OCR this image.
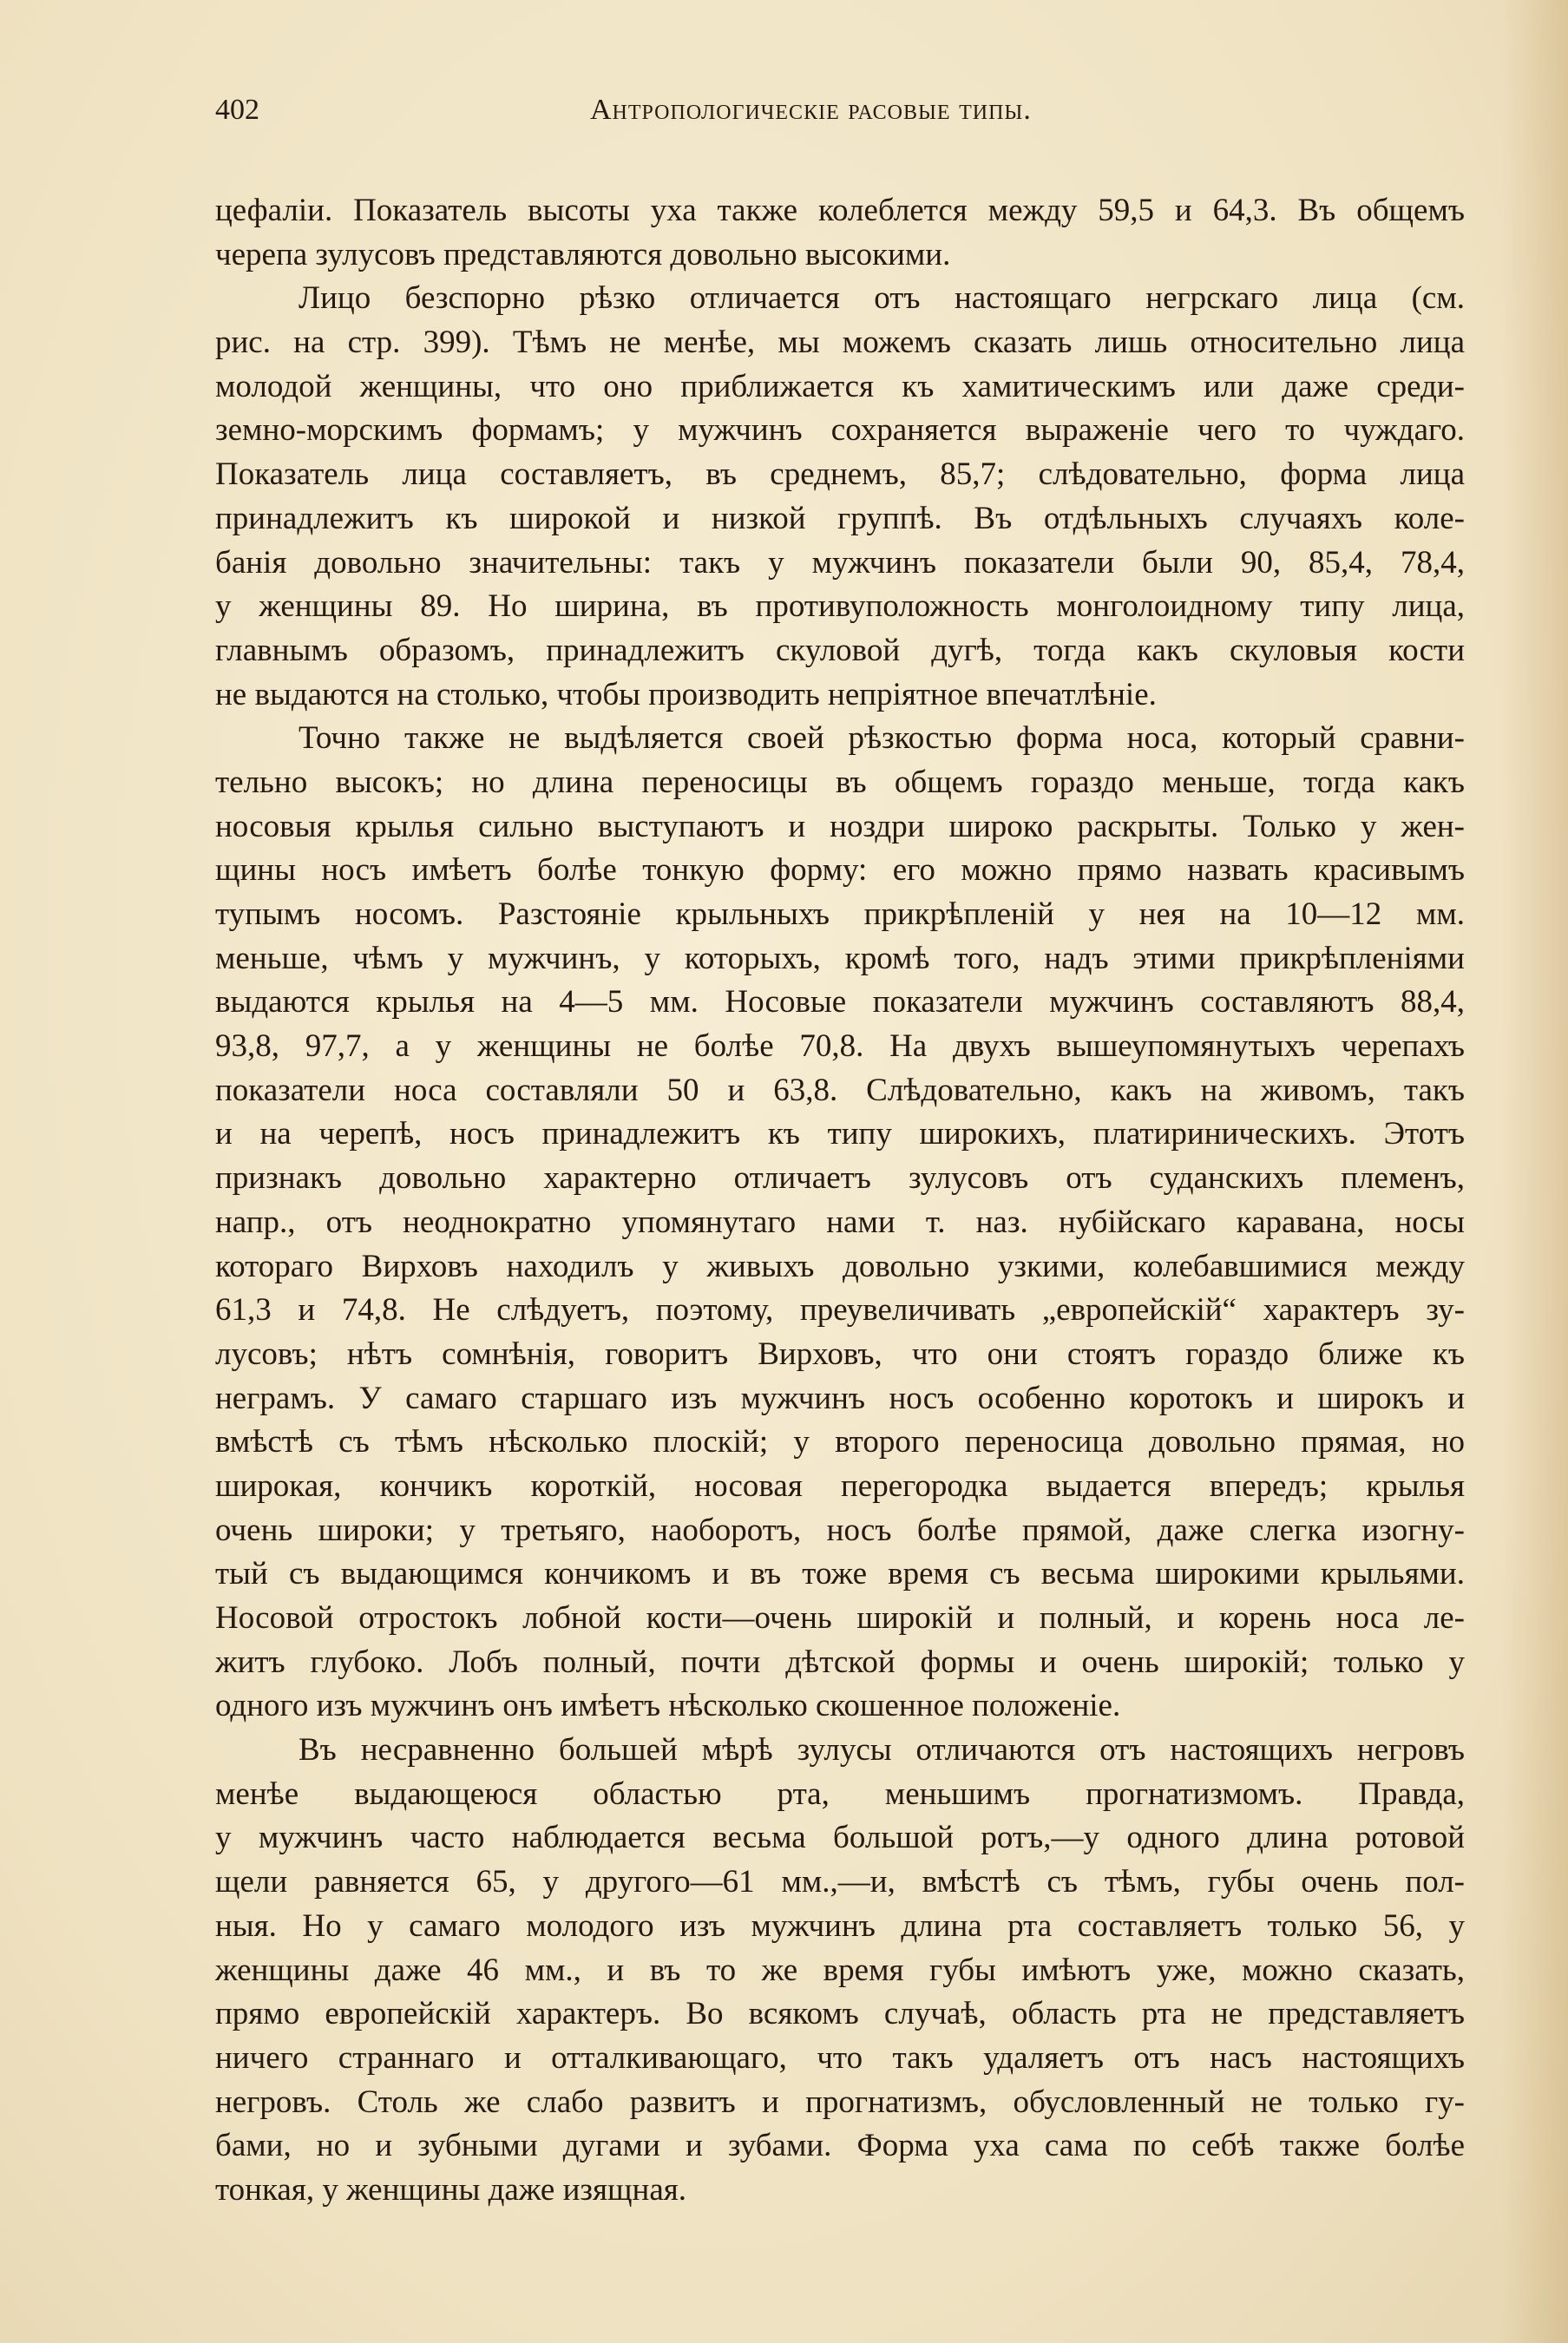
402	Антропологическіе расовые типы.
цефаліи. Показатель высоты уха также колеблется между 59,5 и 64,3. Въ общемъ
черепа зулусовъ представляются довольно высокими.
Лицо безспорно рѣзко отличается отъ настоящаго негрскаго лица (см.
рис. на стр. 399). Тѣмъ не менѣе, мы можемъ сказать лишь относительно лица
молодой женщины, что оно приближается къ хамитическимъ или даже среди-
земно-морскимъ формамъ; у мужчинъ сохраняется выраженіе чего то чуждаго.
Показатель лица составляетъ, въ среднемъ, 85,7; слѣдовательно, форма лица
принадлежитъ къ широкой и низкой группѣ. Въ отдѣльныхъ случаяхъ коле-
банія довольно значительны: такъ у мужчинъ показатели были 90, 85,4, 78,4,
у женщины 89. Но ширина, въ противуположность монголоидному типу лица,
главнымъ образомъ, принадлежитъ скуловой дугѣ, тогда какъ скуловыя кости
не выдаются на столько, чтобы производить непріятное впечатлѣніе.
Точно также не выдѣляется своей рѣзкостью форма носа, который сравни-
тельно высокъ; но длина переносицы въ общемъ гораздо меньше, тогда какъ
носовыя крылья сильно выступаютъ и ноздри широко раскрыты. Только у жен-
щины носъ имѣетъ болѣе тонкую форму: его можно прямо назвать красивымъ
тупымъ носомъ. Разстояніе крыльныхъ прикрѣпленій у нея на 10—12 мм.
меньше, чѣмъ у мужчинъ, у которыхъ, кромѣ того, надъ этими прикрѣпленіями
выдаются крылья на 4—5 мм. Носовые показатели мужчинъ составляютъ 88,4,
93,8, 97,7, а у женщины не болѣе 70,8. На двухъ вышеупомянутыхъ черепахъ
показатели носа составляли 50 и 63,8. Слѣдовательно, какъ на живомъ, такъ
и на черепѣ, носъ принадлежитъ къ типу широкихъ, платириническихъ. Этотъ
признакъ довольно характерно отличаетъ зулусовъ отъ суданскихъ племенъ,
напр., отъ неоднократно упомянутаго нами т. наз. нубійскаго каравана, носы
котораго Вирховъ находилъ у живыхъ довольно узкими, колебавшимися между
61,3 и 74,8. Не слѣдуетъ, поэтому, преувеличивать „европейскій“ характеръ зу-
лусовъ; нѣтъ сомнѣнія, говоритъ Вирховъ, что они стоятъ гораздо ближе къ
неграмъ. У самаго старшаго изъ мужчинъ носъ особенно коротокъ и широкъ и
вмѣстѣ съ тѣмъ нѣсколько плоскій; у второго переносица довольно прямая, но
широкая, кончикъ короткій, носовая перегородка выдается впередъ; крылья
очень широки; у третьяго, наоборотъ, носъ болѣе прямой, даже слегка изогну-
тый съ выдающимся кончикомъ и въ тоже время съ весьма широкими крыльями.
Носовой отростокъ лобной кости—очень широкій и полный, и корень носа ле-
житъ глубоко. Лобъ полный, почти дѣтской формы и очень широкій; только у
одного изъ мужчинъ онъ имѣетъ нѣсколько скошенное положеніе.
Въ несравненно большей мѣрѣ зулусы отличаются отъ настоящихъ негровъ
менѣе выдающеюся областью рта, меньшимъ прогнатизмомъ. Правда,
у мужчинъ часто наблюдается весьма большой ротъ,—у одного длина ротовой
щели равняется 65, у другого—61 мм.,—и, вмѣстѣ съ тѣмъ, губы очень пол-
ныя. Но у самаго молодого изъ мужчинъ длина рта составляетъ только 56, у
женщины даже 46 мм., и въ то же время губы имѣютъ уже, можно сказать,
прямо европейскій характеръ. Во всякомъ случаѣ, область рта не представляетъ
ничего страннаго и отталкивающаго, что такъ удаляетъ отъ насъ настоящихъ
негровъ. Столь же слабо развитъ и прогнатизмъ, обусловленный не только гу-
бами, но и зубными дугами и зубами. Форма уха сама по себѣ также болѣе
тонкая, у женщины даже изящная.
